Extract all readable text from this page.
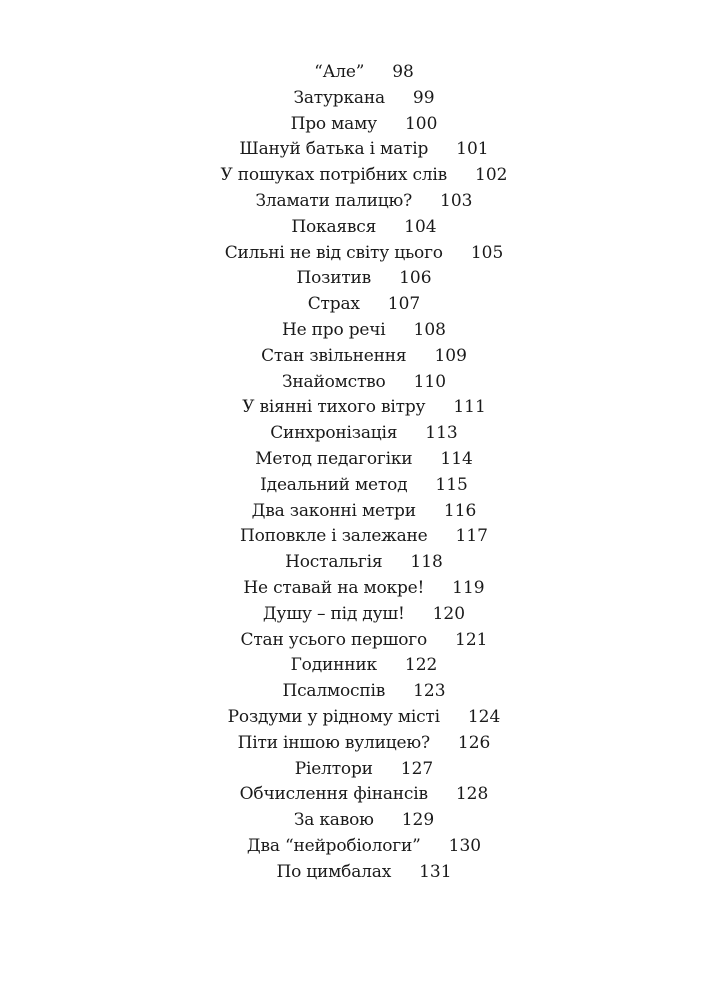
“Але” 98
Затуркана 99
Про маму 100
Шануй батька і матір 101
У пошуках потрібних слів 102
Зламати палицю? 103
Покаявся 104
Сильні не від світу цього 105
Позитив 106
Страх 107
Не про речі 108
Стан звільнення 109
Знайомство 110
У віянні тихого вітру 111
Синхронізація 113
Метод педагогіки 114
Ідеальний метод 115
Два законні метри 116
Поповкле і залежане 117
Ностальгія 118
Не ставай на мокре! 119
Душу – під душ! 120
Стан усього першого 121
Годинник 122
Псалмоспів 123
Роздуми у рідному місті 124
Піти іншою вулицею? 126
Ріелтори 127
Обчислення фінансів 128
За кавою 129
Два “нейробіологи” 130
По цимбалах 131
